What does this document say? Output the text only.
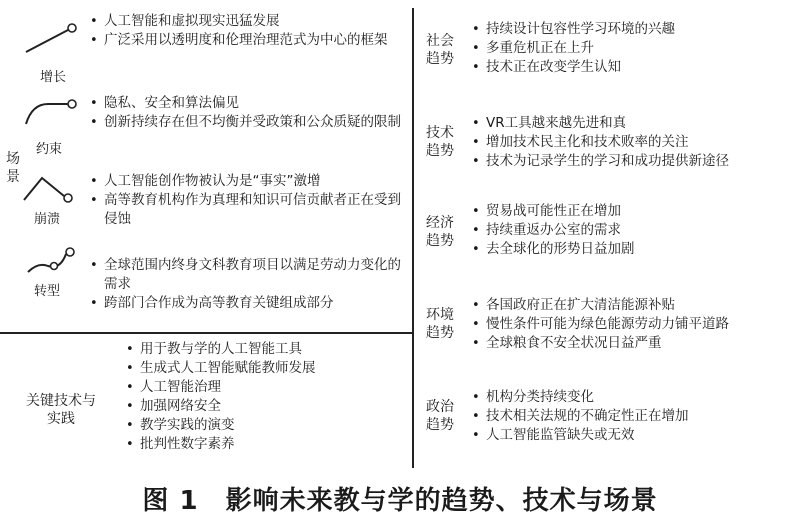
场景
增长
• 人工智能和虚拟现实迅猛发展
• 广泛采用以透明度和伦理治理范式为中心的框架
约束
• 隐私、安全和算法偏见
• 创新持续存在但不均衡并受政策和公众质疑的限制
崩溃
• 人工智能创作物被认为是“事实”激增
• 高等教育机构作为真理和知识可信贡献者正在受到侵蚀
转型
• 全球范围内终身文科教育项目以满足劳动力变化的需求
• 跨部门合作成为高等教育关键组成部分
关键技术与实践
• 用于教与学的人工智能工具
• 生成式人工智能赋能教师发展
• 人工智能治理
• 加强网络安全
• 教学实践的演变
• 批判性数字素养
社会趋势
• 持续设计包容性学习环境的兴趣
• 多重危机正在上升
• 技术正在改变学生认知
技术趋势
• VR工具越来越先进和真
• 增加技术民主化和技术败率的关注
• 技术为记录学生的学习和成功提供新途径
经济趋势
• 贸易战可能性正在增加
• 持续重返办公室的需求
• 去全球化的形势日益加剧
环境趋势
• 各国政府正在扩大清洁能源补贴
• 慢性条件可能为绿色能源劳动力铺平道路
• 全球粮食不安全状况日益严重
政治趋势
• 机构分类持续变化
• 技术相关法规的不确定性正在增加
• 人工智能监管缺失或无效
图 1　影响未来教与学的趋势、技术与场景
